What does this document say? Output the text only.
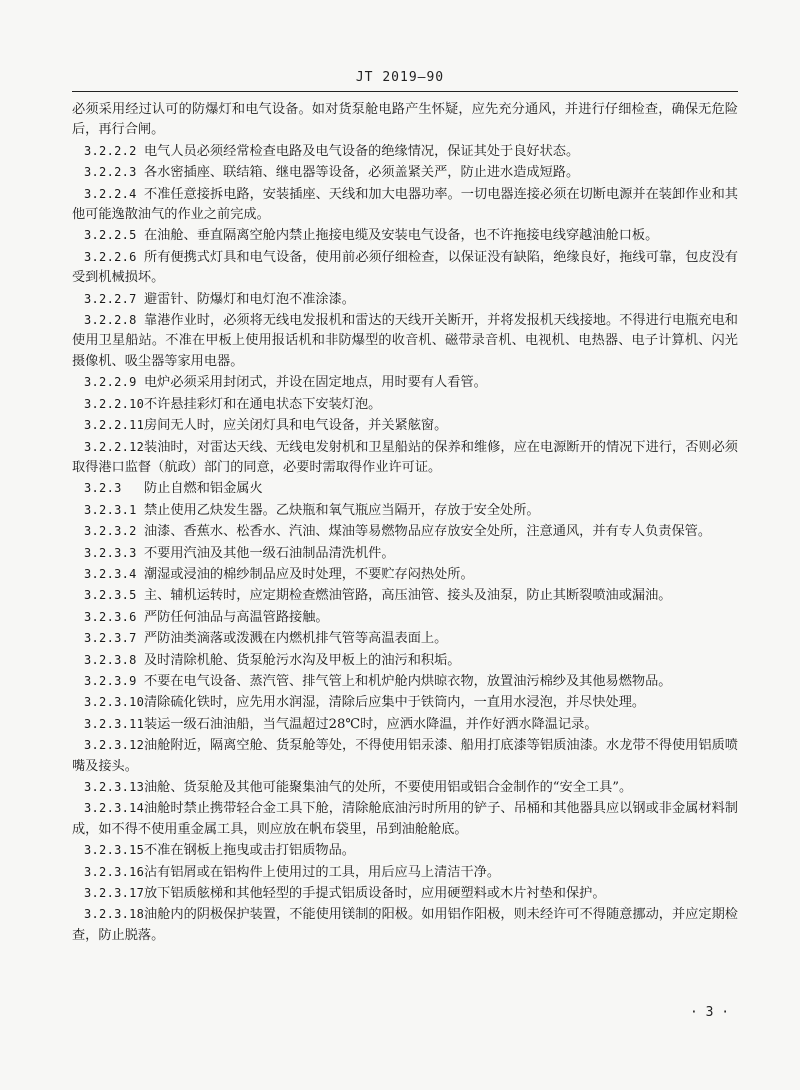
JT 2019—90

必须采用经过认可的防爆灯和电气设备。如对货泵舱电路产生怀疑，应先充分通风，并进行仔细检查，确保无危险后，再行合闸。

3.2.2.2 电气人员必须经常检查电路及电气设备的绝缘情况，保证其处于良好状态。

3.2.2.3 各水密插座、联结箱、继电器等设备，必须盖紧关严，防止进水造成短路。

3.2.2.4 不准任意接拆电路，安装插座、天线和加大电器功率。一切电器连接必须在切断电源并在装卸作业和其他可能逸散油气的作业之前完成。

3.2.2.5 在油舱、垂直隔离空舱内禁止拖接电缆及安装电气设备，也不许拖接电线穿越油舱口板。

3.2.2.6 所有便携式灯具和电气设备，使用前必须仔细检查，以保证没有缺陷，绝缘良好，拖线可靠，包皮没有受到机械损坏。

3.2.2.7 避雷针、防爆灯和电灯泡不准涂漆。

3.2.2.8 靠港作业时，必须将无线电发报机和雷达的天线开关断开，并将发报机天线接地。不得进行电瓶充电和使用卫星船站。不准在甲板上使用报话机和非防爆型的收音机、磁带录音机、电视机、电热器、电子计算机、闪光摄像机、吸尘器等家用电器。

3.2.2.9 电炉必须采用封闭式，并设在固定地点，用时要有人看管。

3.2.2.10不许悬挂彩灯和在通电状态下安装灯泡。

3.2.2.11房间无人时，应关闭灯具和电气设备，并关紧舷窗。

3.2.2.12装油时，对雷达天线、无线电发射机和卫星船站的保养和维修，应在电源断开的情况下进行，否则必须取得港口监督（航政）部门的同意，必要时需取得作业许可证。

3.2.3 防止自燃和铝金属火

3.2.3.1 禁止使用乙炔发生器。乙炔瓶和氧气瓶应当隔开，存放于安全处所。

3.2.3.2 油漆、香蕉水、松香水、汽油、煤油等易燃物品应存放安全处所，注意通风，并有专人负责保管。

3.2.3.3 不要用汽油及其他一级石油制品清洗机件。

3.2.3.4 潮湿或浸油的棉纱制品应及时处理，不要贮存闷热处所。

3.2.3.5 主、辅机运转时，应定期检查燃油管路，高压油管、接头及油泵，防止其断裂喷油或漏油。

3.2.3.6 严防任何油品与高温管路接触。

3.2.3.7 严防油类滴落或泼溅在内燃机排气管等高温表面上。

3.2.3.8 及时清除机舱、货泵舱污水沟及甲板上的油污和积垢。

3.2.3.9 不要在电气设备、蒸汽管、排气管上和机炉舱内烘晾衣物，放置油污棉纱及其他易燃物品。

3.2.3.10清除硫化铁时，应先用水润湿，清除后应集中于铁筒内，一直用水浸泡，并尽快处理。

3.2.3.11装运一级石油油船，当气温超过28℃时，应洒水降温，并作好洒水降温记录。

3.2.3.12油舱附近，隔离空舱、货泵舱等处，不得使用铝汞漆、船用打底漆等铝质油漆。水龙带不得使用铝质喷嘴及接头。

3.2.3.13油舱、货泵舱及其他可能聚集油气的处所，不要使用铝或铝合金制作的“安全工具”。

3.2.3.14油舱时禁止携带轻合金工具下舱，清除舱底油污时所用的铲子、吊桶和其他器具应以钢或非金属材料制成，如不得不使用重金属工具，则应放在帆布袋里，吊到油舱舱底。

3.2.3.15不准在钢板上拖曳或击打铝质物品。

3.2.3.16沾有铝屑或在铝构件上使用过的工具，用后应马上清洁干净。

3.2.3.17放下铝质舷梯和其他轻型的手提式铝质设备时，应用硬塑料或木片衬垫和保护。

3.2.3.18油舱内的阴极保护装置，不能使用镁制的阳极。如用铝作阳极，则未经许可不得随意挪动，并应定期检查，防止脱落。

· 3 ·
